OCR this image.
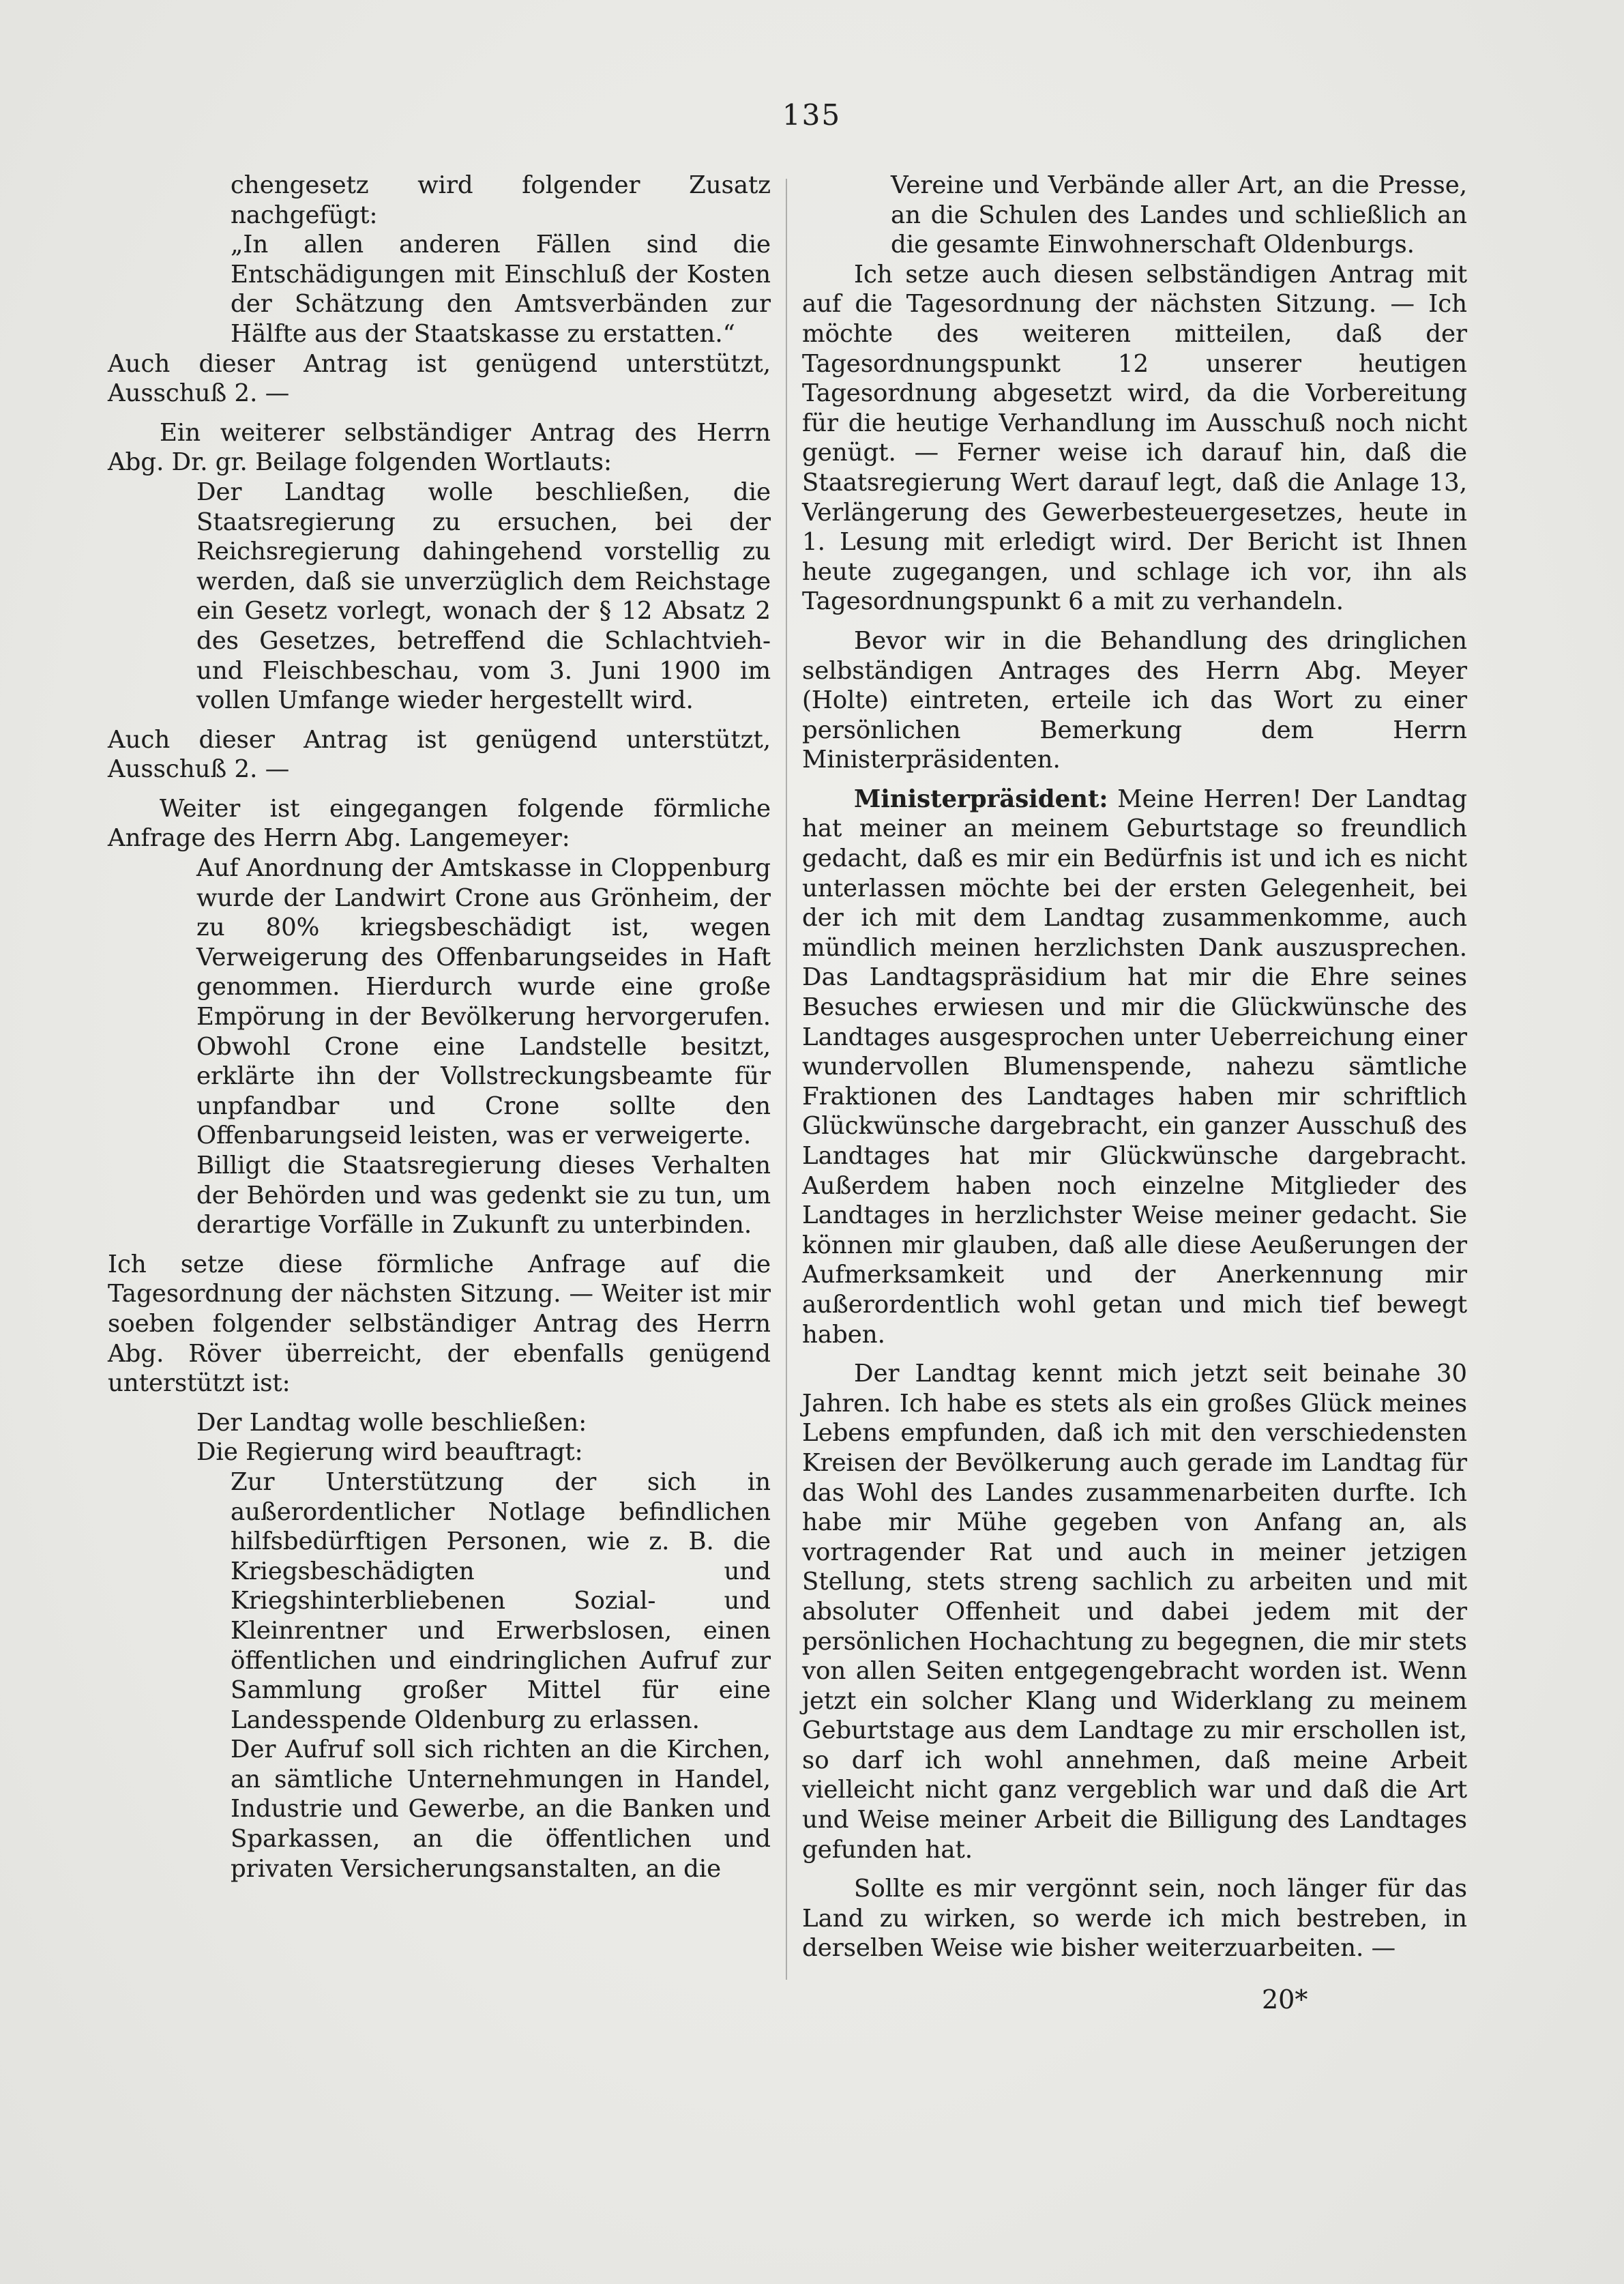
135

chengesetz wird folgender Zusatz nachgefügt:

„In allen anderen Fällen sind die Entschädigungen mit Einschluß der Kosten der Schätzung den Amtsverbänden zur Hälfte aus der Staatskasse zu erstatten.“

Auch dieser Antrag ist genügend unterstützt, Ausschuß 2. —

Ein weiterer selbständiger Antrag des Herrn Abg. Dr. gr. Beilage folgenden Wortlauts:

Der Landtag wolle beschließen, die Staatsregierung zu ersuchen, bei der Reichsregierung dahingehend vorstellig zu werden, daß sie unverzüglich dem Reichstage ein Gesetz vorlegt, wonach der § 12 Absatz 2 des Gesetzes, betreffend die Schlachtvieh- und Fleischbeschau, vom 3. Juni 1900 im vollen Umfange wieder hergestellt wird.

Auch dieser Antrag ist genügend unterstützt, Ausschuß 2. —

Weiter ist eingegangen folgende förmliche Anfrage des Herrn Abg. Langemeyer:

Auf Anordnung der Amtskasse in Cloppenburg wurde der Landwirt Crone aus Grönheim, der zu 80% kriegsbeschädigt ist, wegen Verweigerung des Offenbarungseides in Haft genommen. Hierdurch wurde eine große Empörung in der Bevölkerung hervorgerufen. Obwohl Crone eine Landstelle besitzt, erklärte ihn der Vollstreckungsbeamte für unpfandbar und Crone sollte den Offenbarungseid leisten, was er verweigerte.

Billigt die Staatsregierung dieses Verhalten der Behörden und was gedenkt sie zu tun, um derartige Vorfälle in Zukunft zu unterbinden.

Ich setze diese förmliche Anfrage auf die Tagesordnung der nächsten Sitzung. — Weiter ist mir soeben folgender selbständiger Antrag des Herrn Abg. Röver überreicht, der ebenfalls genügend unterstützt ist:

Der Landtag wolle beschließen:

Die Regierung wird beauftragt:

Zur Unterstützung der sich in außerordentlicher Notlage befindlichen hilfsbedürftigen Personen, wie z. B. die Kriegsbeschädigten und Kriegshinterbliebenen Sozial- und Kleinrentner und Erwerbslosen, einen öffentlichen und eindringlichen Aufruf zur Sammlung großer Mittel für eine Landesspende Oldenburg zu erlassen.

Der Aufruf soll sich richten an die Kirchen, an sämtliche Unternehmungen in Handel, Industrie und Gewerbe, an die Banken und Sparkassen, an die öffentlichen und privaten Versicherungsanstalten, an die

Vereine und Verbände aller Art, an die Presse, an die Schulen des Landes und schließlich an die gesamte Einwohnerschaft Oldenburgs.

Ich setze auch diesen selbständigen Antrag mit auf die Tagesordnung der nächsten Sitzung. — Ich möchte des weiteren mitteilen, daß der Tagesordnungspunkt 12 unserer heutigen Tagesordnung abgesetzt wird, da die Vorbereitung für die heutige Verhandlung im Ausschuß noch nicht genügt. — Ferner weise ich darauf hin, daß die Staatsregierung Wert darauf legt, daß die Anlage 13, Verlängerung des Gewerbesteuergesetzes, heute in 1. Lesung mit erledigt wird. Der Bericht ist Ihnen heute zugegangen, und schlage ich vor, ihn als Tagesordnungspunkt 6 a mit zu verhandeln.

Bevor wir in die Behandlung des dringlichen selbständigen Antrages des Herrn Abg. Meyer (Holte) eintreten, erteile ich das Wort zu einer persönlichen Bemerkung dem Herrn Ministerpräsidenten.

Ministerpräsident: Meine Herren! Der Landtag hat meiner an meinem Geburtstage so freundlich gedacht, daß es mir ein Bedürfnis ist und ich es nicht unterlassen möchte bei der ersten Gelegenheit, bei der ich mit dem Landtag zusammenkomme, auch mündlich meinen herzlichsten Dank auszusprechen. Das Landtagspräsidium hat mir die Ehre seines Besuches erwiesen und mir die Glückwünsche des Landtages ausgesprochen unter Ueberreichung einer wundervollen Blumenspende, nahezu sämtliche Fraktionen des Landtages haben mir schriftlich Glückwünsche dargebracht, ein ganzer Ausschuß des Landtages hat mir Glückwünsche dargebracht. Außerdem haben noch einzelne Mitglieder des Landtages in herzlichster Weise meiner gedacht. Sie können mir glauben, daß alle diese Aeußerungen der Aufmerksamkeit und der Anerkennung mir außerordentlich wohl getan und mich tief bewegt haben.

Der Landtag kennt mich jetzt seit beinahe 30 Jahren. Ich habe es stets als ein großes Glück meines Lebens empfunden, daß ich mit den verschiedensten Kreisen der Bevölkerung auch gerade im Landtag für das Wohl des Landes zusammenarbeiten durfte. Ich habe mir Mühe gegeben von Anfang an, als vortragender Rat und auch in meiner jetzigen Stellung, stets streng sachlich zu arbeiten und mit absoluter Offenheit und dabei jedem mit der persönlichen Hochachtung zu begegnen, die mir stets von allen Seiten entgegengebracht worden ist. Wenn jetzt ein solcher Klang und Widerklang zu meinem Geburtstage aus dem Landtage zu mir erschollen ist, so darf ich wohl annehmen, daß meine Arbeit vielleicht nicht ganz vergeblich war und daß die Art und Weise meiner Arbeit die Billigung des Landtages gefunden hat.

Sollte es mir vergönnt sein, noch länger für das Land zu wirken, so werde ich mich bestreben, in derselben Weise wie bisher weiterzuarbeiten. —

20*
